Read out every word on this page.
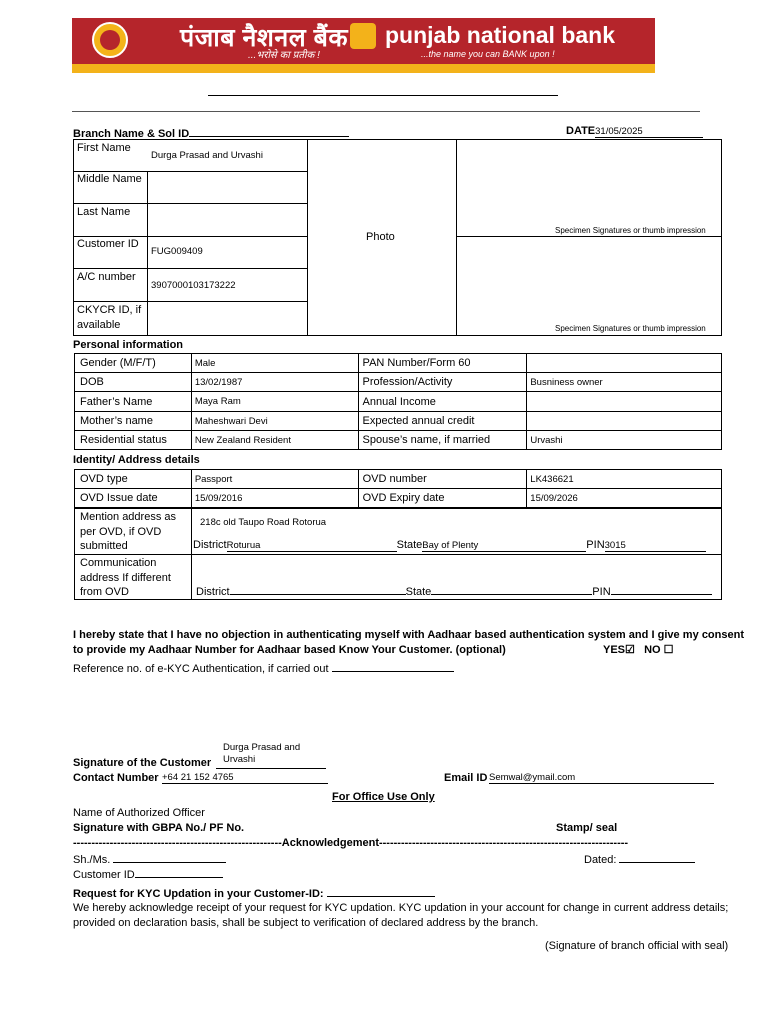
पंजाब नैशनल बैंक
...भरोसे का प्रतीक !
punjab national bank
...the name you can BANK upon !
Branch Name & Sol ID	DATE31/05/2025
First Name
Durga Prasad and Urvashi
Middle Name
Last Name
Customer ID
FUG009409
A/C number
3907000103173222
CKYCR ID, if available
Photo
Specimen Signatures or thumb impression
Specimen Signatures or thumb impression
Personal information
Gender (M/F/T)	Male	PAN Number/Form 60	
DOB	13/02/1987	Profession/Activity	Busniness owner
Father’s Name	Maya Ram	Annual Income	
Mother’s name	Maheshwari Devi	Expected annual credit	
Residential status	New Zealand Resident	Spouse’s name, if married	Urvashi
Identity/ Address details
OVD type	Passport	OVD number	LK436621
OVD Issue date	15/09/2016	OVD Expiry date	15/09/2026
Mention address as per OVD, if OVD submitted
218c old Taupo Road Rotorua
DistrictRoturua	StateBay of Plenty	PIN3015
Communication address If different from OVD	District	State	PIN
I hereby state that I have no objection in authenticating myself with Aadhaar based authentication system and I give my consent to provide my Aadhaar Number for Aadhaar based Know Your Customer. (optional)	YES☑ NO ☐
Reference no. of e-KYC Authentication, if carried out
Durga Prasad and Urvashi
Signature of the Customer
Contact Number +64 21 152 4765	Email ID Semwal@ymail.com
For Office Use Only
Name of Authorized Officer
Signature with GBPA No./ PF No.	Stamp/ seal
---------------------------------------------------------Acknowledgement--------------------------------------------------------------------
Sh./Ms.	Dated:
Customer ID
Request for KYC Updation in your Customer-ID:
We hereby acknowledge receipt of your request for KYC updation. KYC updation in your account for change in current address details; provided on declaration basis, shall be subject to verification of declared address by the branch.
(Signature of branch official with seal)
